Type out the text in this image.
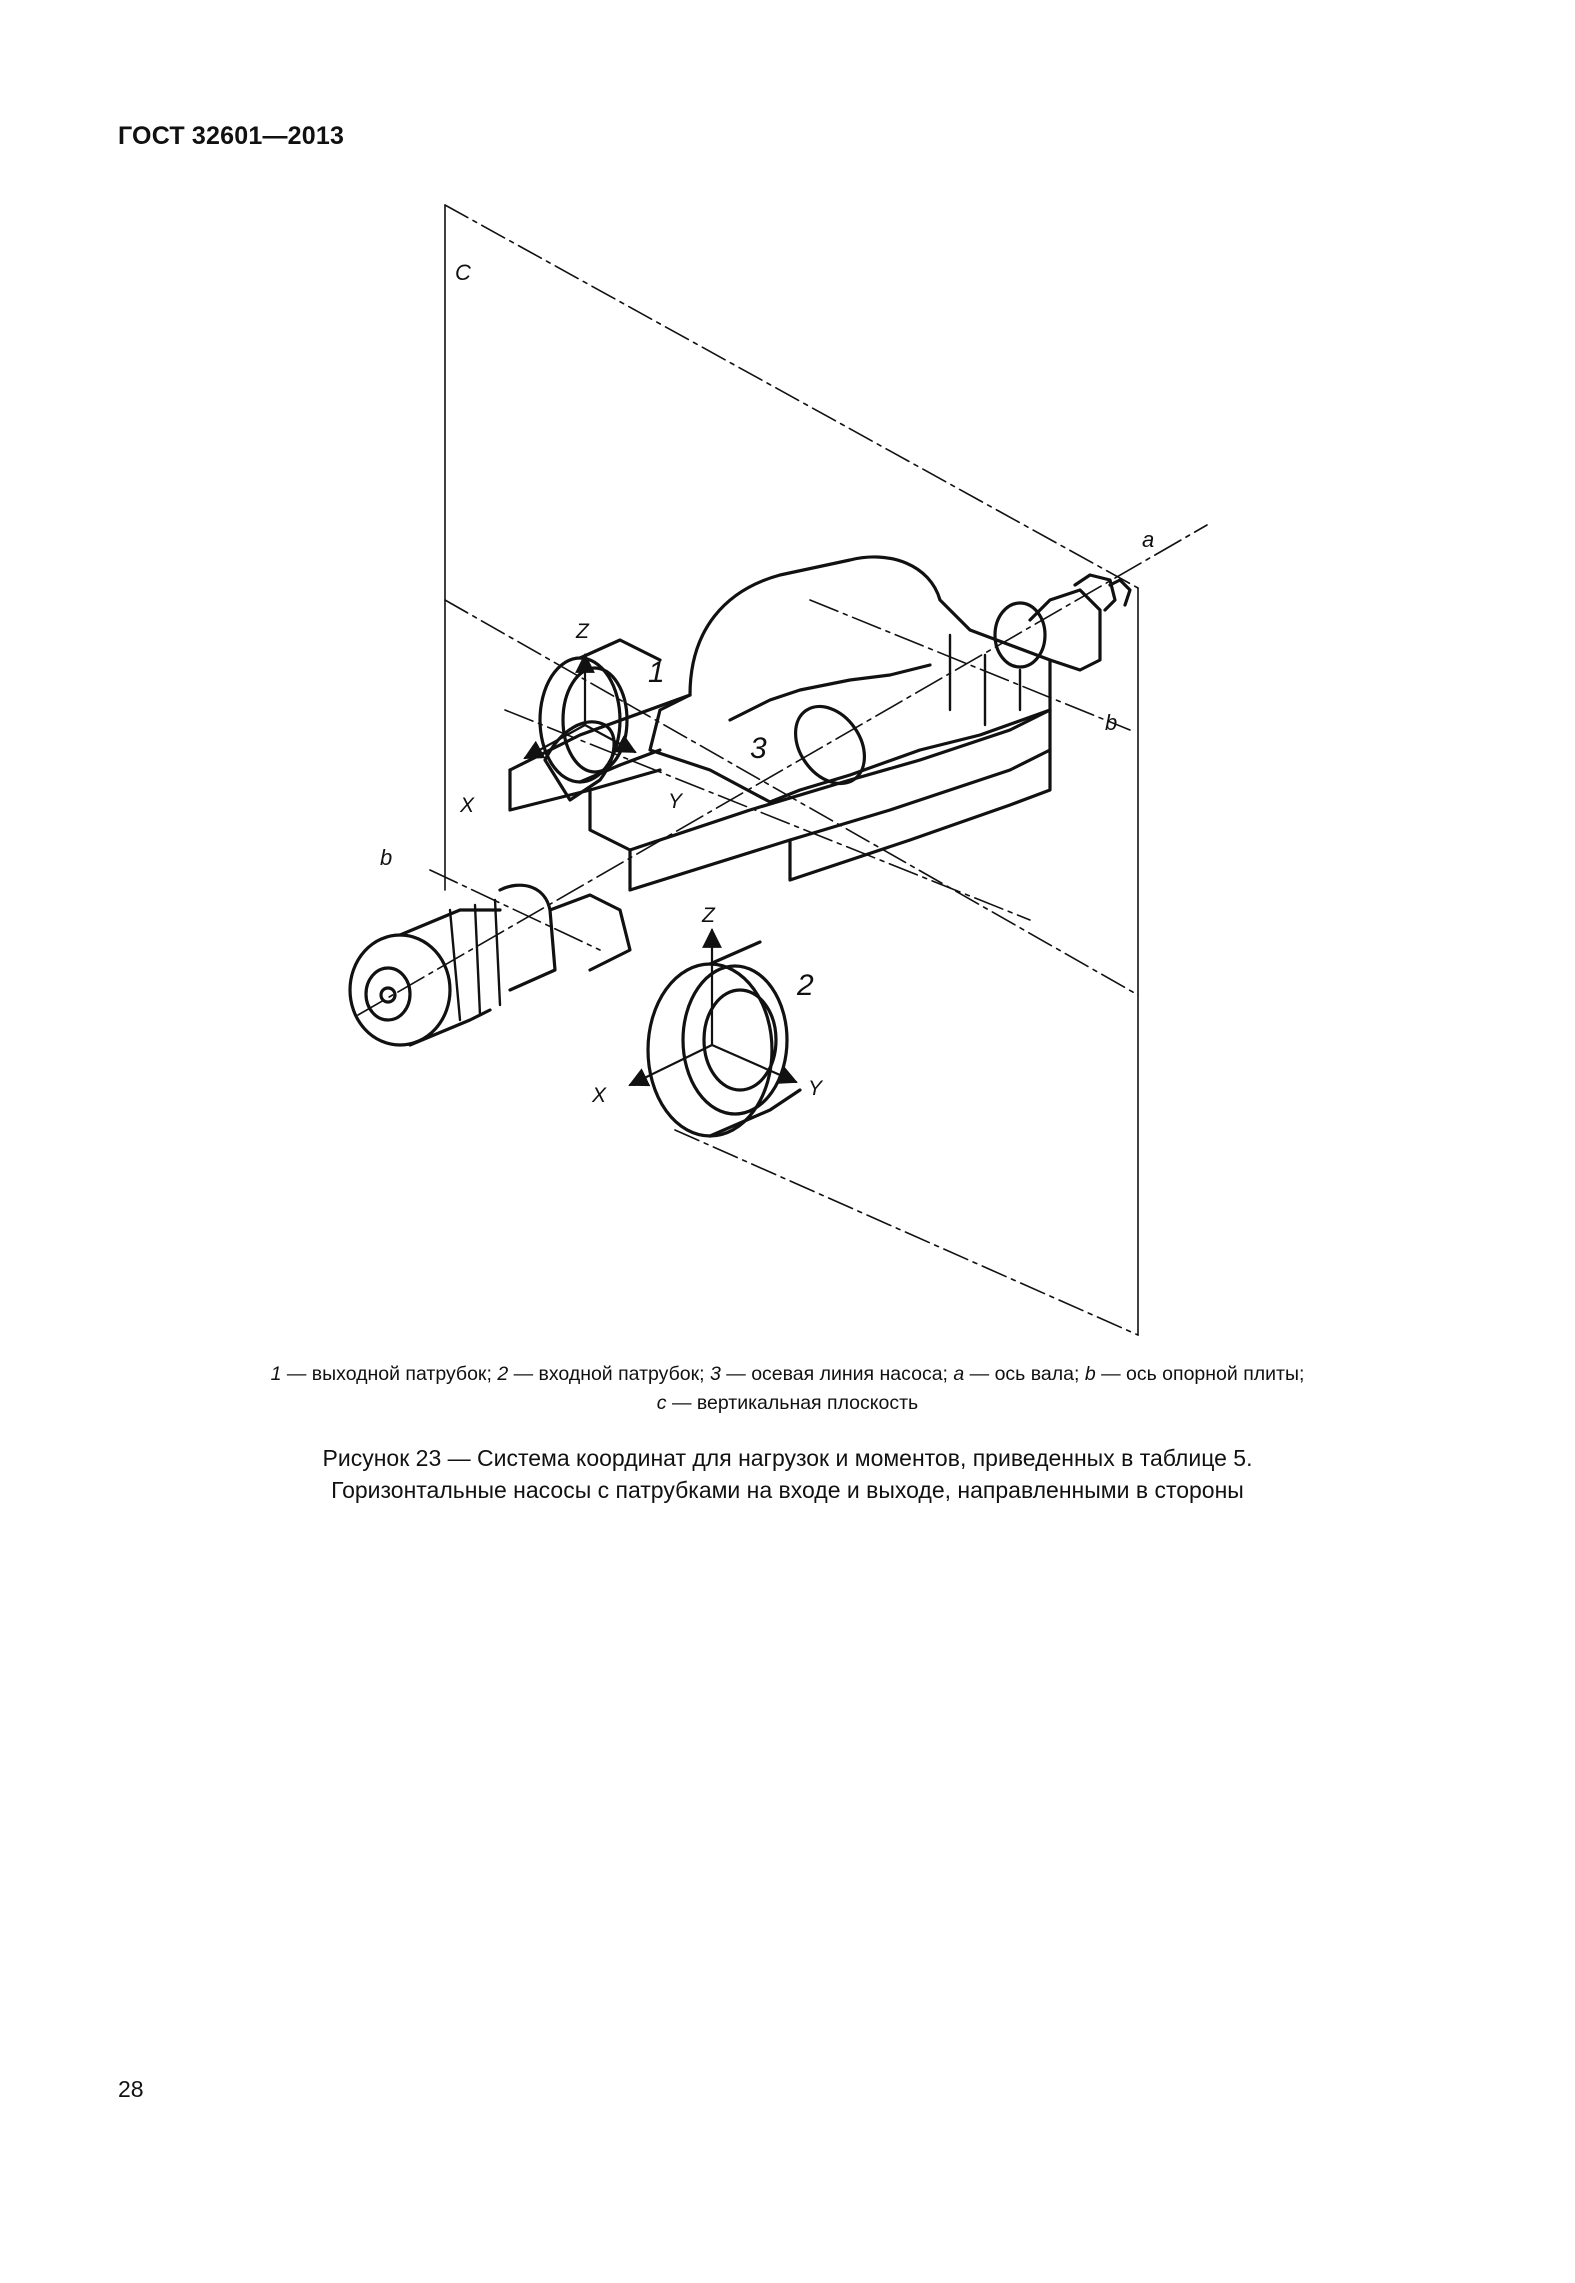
ГОСТ 32601—2013
C
a
b
b
1
2
3
Z
Y
X
Z
Y
X
1 — выходной патрубок; 2 — входной патрубок; 3 — осевая линия насоса; a — ось вала; b — ось опорной плиты;
c — вертикальная плоскость
Рисунок 23 — Система координат для нагрузок и моментов, приведенных в таблице 5.
Горизонтальные насосы с патрубками на входе и выходе, направленными в стороны
28
